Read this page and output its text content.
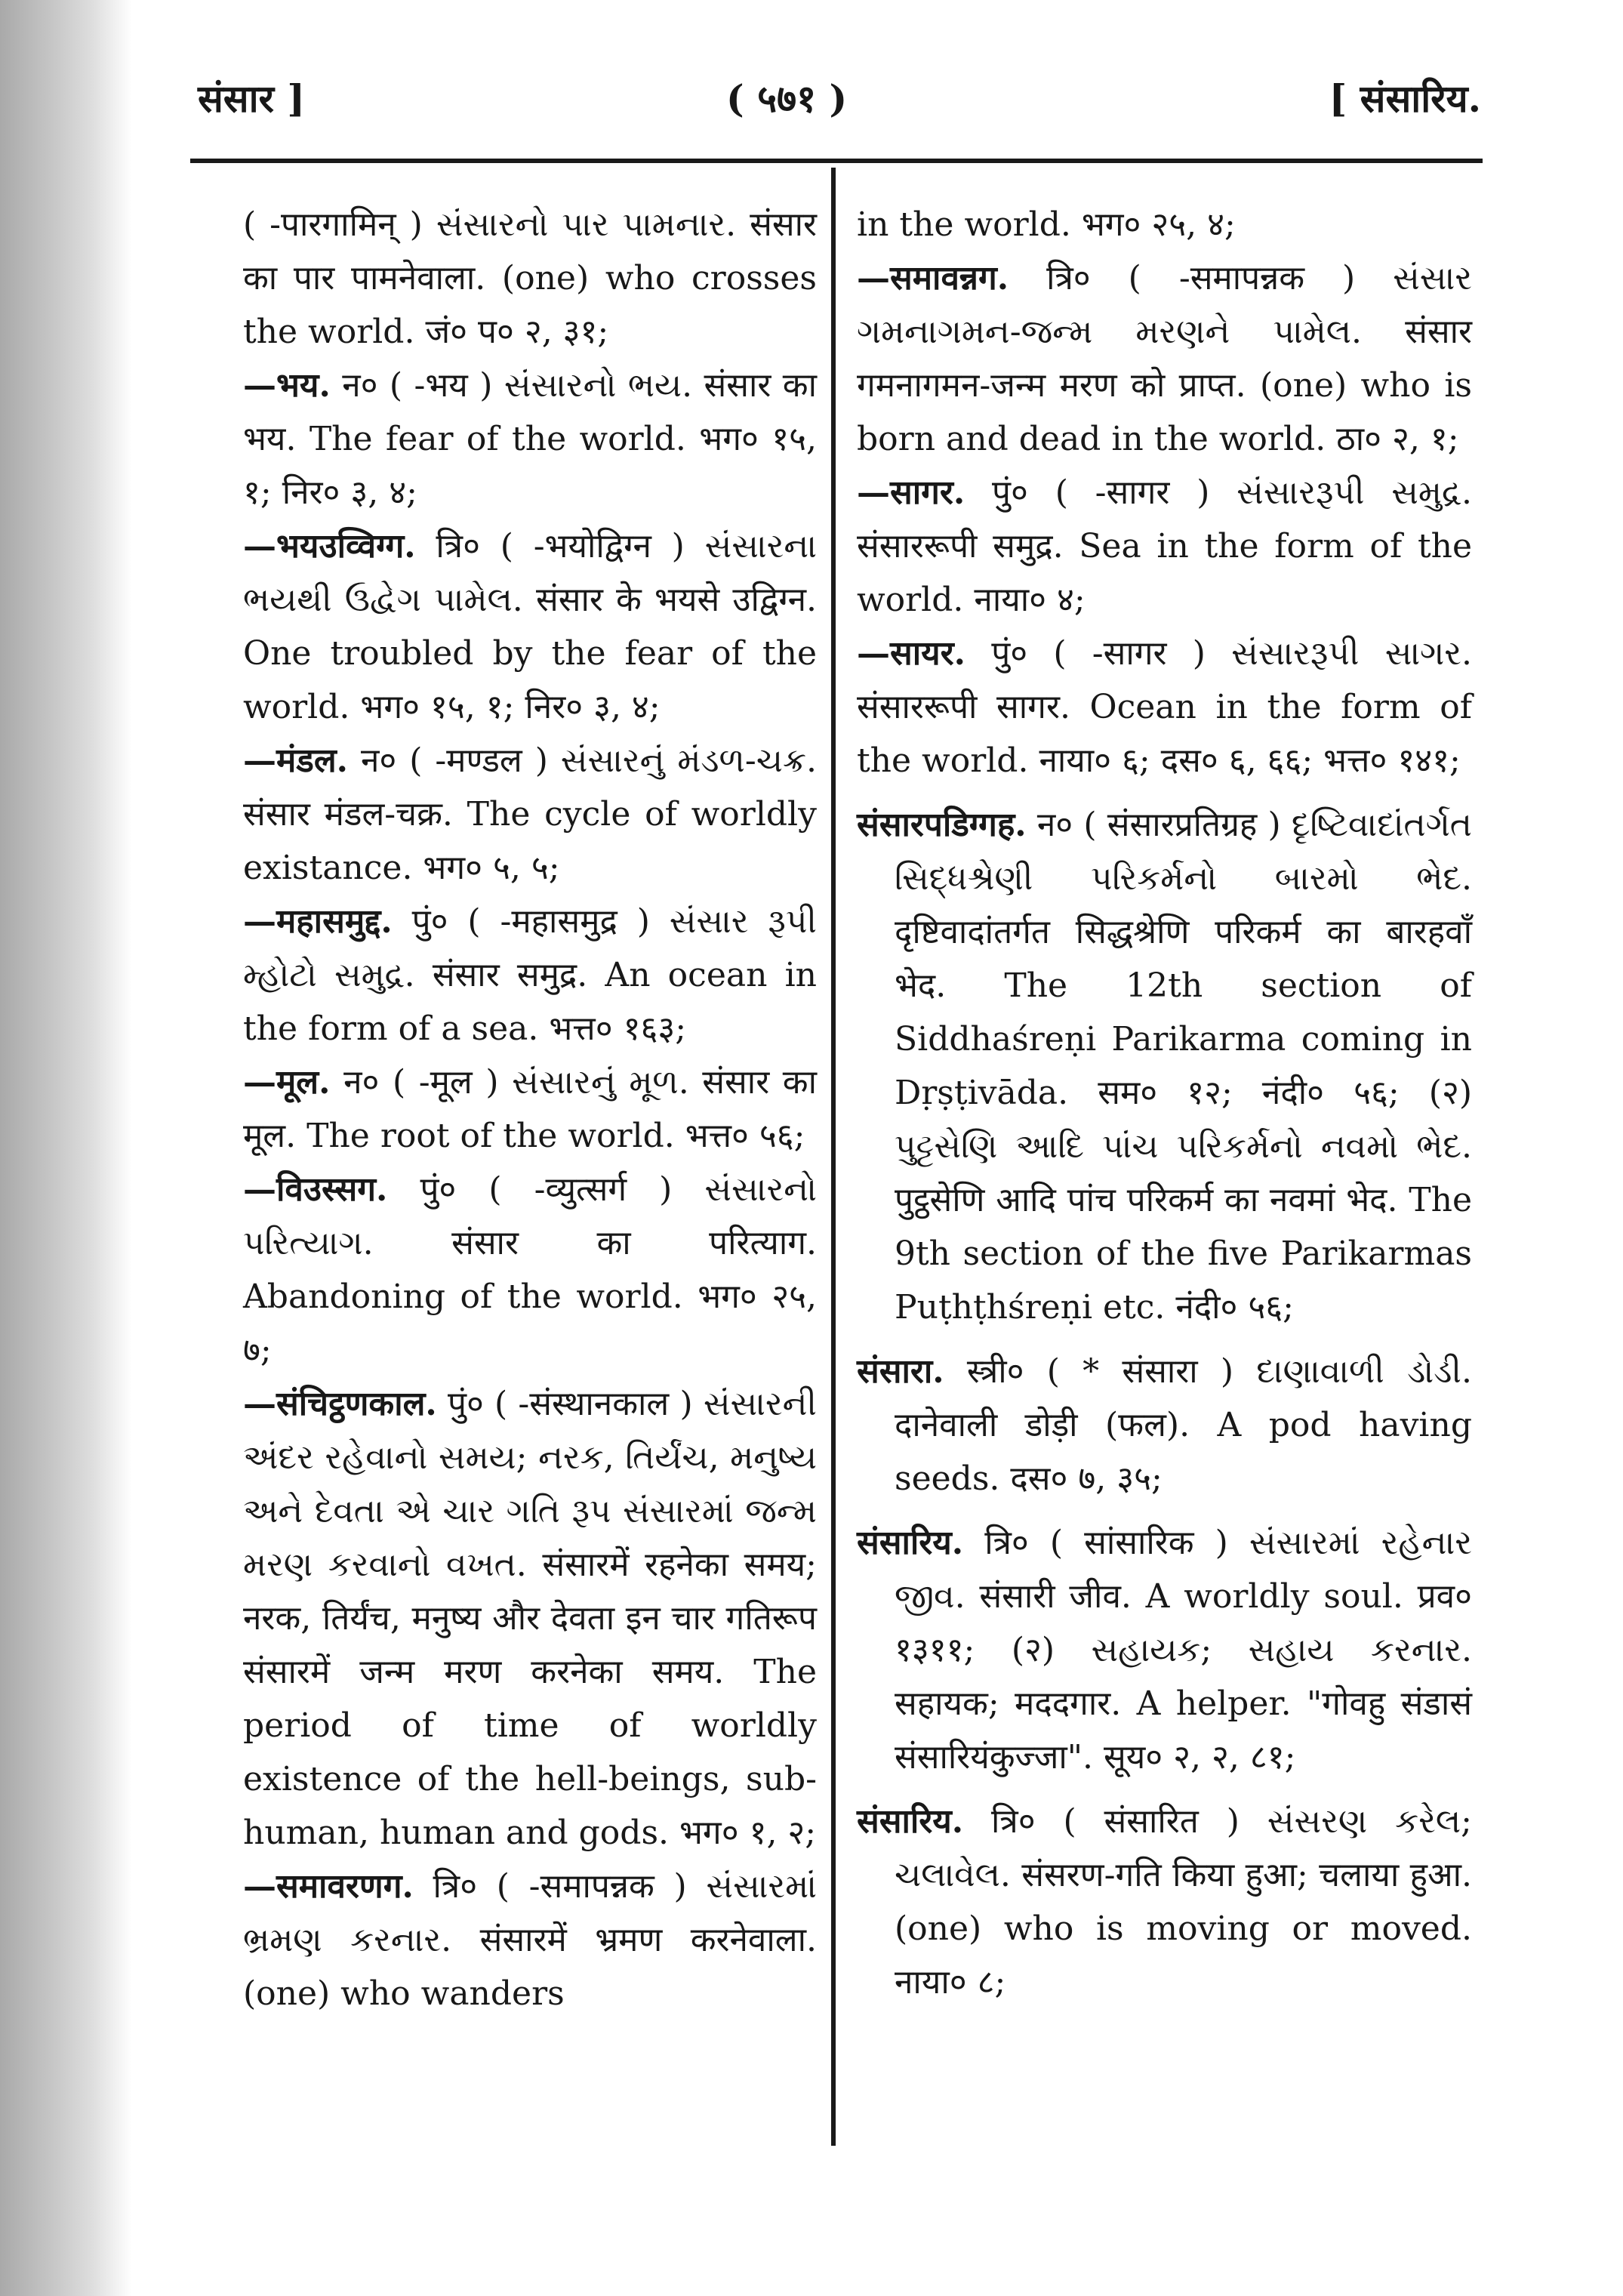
संसार ]	( ५७१ )	[ संसारिय.

( -पारगामिन् ) સંસારનો પાર પામનાર. संसार का पार पामनेवाला. (one) who crosses the world. जं० प० २, ३१;

—भय. न० ( -भय ) સંસારનો ભય. संसार का भय. The fear of the world. भग० १५, १; निर० ३, ४;

—भयउव्विग्ग. त्रि० ( -भयोद्विग्न ) સંસારના ભયથી ઉદ્વેગ પામેલ. संसार के भयसे उद्विग्न. One troubled by the fear of the world. भग० १५, १; निर० ३, ४;

—मंडल. न० ( -मण्डल ) સંસારનું મંડળ-ચક્ર. संसार मंडल-चक्र. The cycle of worldly existance. भग० ५, ५;

—महासमुद्द. पुं० ( -महासमुद्र ) સંસાર રૂપી મ્હોટો સમુદ્ર. संसार समुद्र. An ocean in the form of a sea. भत्त० १६३;

—मूल. न० ( -मूल ) સંસારનું મૂળ. संसार का मूल. The root of the world. भत्त० ५६;

—विउस्सग. पुं० ( -व्युत्सर्ग ) સંસારનો પરિત્યાગ. संसार का परित्याग. Abandoning of the world. भग० २५, ७;

—संचिट्ठणकाल. पुं० ( -संस्थानकाल ) સંસારની અંદર રહેવાનો સમય; નરક, તિર્યંચ, મનુષ્ય અને દેવતા એ ચાર ગતિ રૂપ સંસારમાં જન્મ મરણ કરવાનો વખત. संसारमें रहनेका समय; नरक, तिर्यंच, मनुष्य और देवता इन चार गतिरूप संसारमें जन्म मरण करनेका समय. The period of time of worldly existence of the hell-beings, sub-human, human and gods. भग० १, २;

—समावरणग. त्रि० ( -समापन्नक ) સંસારમાં ભ્રમણ કરનાર. संसारमें भ्रमण करनेवाला. (one) who wanders

in the world. भग० २५, ४;

—समावन्नग. त्रि० ( -समापन्नक ) સંસાર ગમનાગમન-જન્મ મરણને પામેલ. संसार गमनागमन-जन्म मरण को प्राप्त. (one) who is born and dead in the world. ठा० २, १;

—सागर. पुं० ( -सागर ) સંસારરૂપી સમુદ્ર. संसाररूपी समुद्र. Sea in the form of the world. नाया० ४;

—सायर. पुं० ( -सागर ) સંસારરૂપી સાગર. संसाररूपी सागर. Ocean in the form of the world. नाया० ६; दस० ६, ६६; भत्त० १४१;

संसारपडिग्गह. न० ( संसारप्रतिग्रह ) દૃષ્ટિવાદાંતર્ગત સિદ્ધશ્રેણી પરિકર્મનો બારમો ભેદ. दृष्टिवादांतर्गत सिद्धश्रेणि परिकर्म का बारहवाँ भेद. The 12th section of Siddhaśreṇi Parikarma coming in Dṛṣṭivāda. सम० १२; नंदी० ५६; (२) પુટ્ટસેણિ આદિ પાંચ પરિકર્મનો નવમો ભેદ. पुट्ठसेणि आदि पांच परिकर्म का नवमां भेद. The 9th section of the five Parikarmas Puṭhṭhśreṇi etc. नंदी० ५६;

संसारा. स्त्री० ( * संसारा ) દાણાવાળી ડોડી. दानेवाली डोड़ी (फल). A pod having seeds. दस० ७, ३५;

संसारिय. त्रि० ( सांसारिक ) સંસારમાં રહેનાર જીવ. संसारी जीव. A worldly soul. प्रव० १३११; (२) સહાયક; સહાય કરનાર. सहायक; मददगार. A helper. "गोवहु संडासं संसारियंकुज्जा". सूय० २, २, ८१;

संसारिय. त्रि० ( संसारित ) સંસરણ કરેલ; ચલાવેલ. संसरण-गति किया हुआ; चलाया हुआ. (one) who is moving or moved. नाया० ८;
